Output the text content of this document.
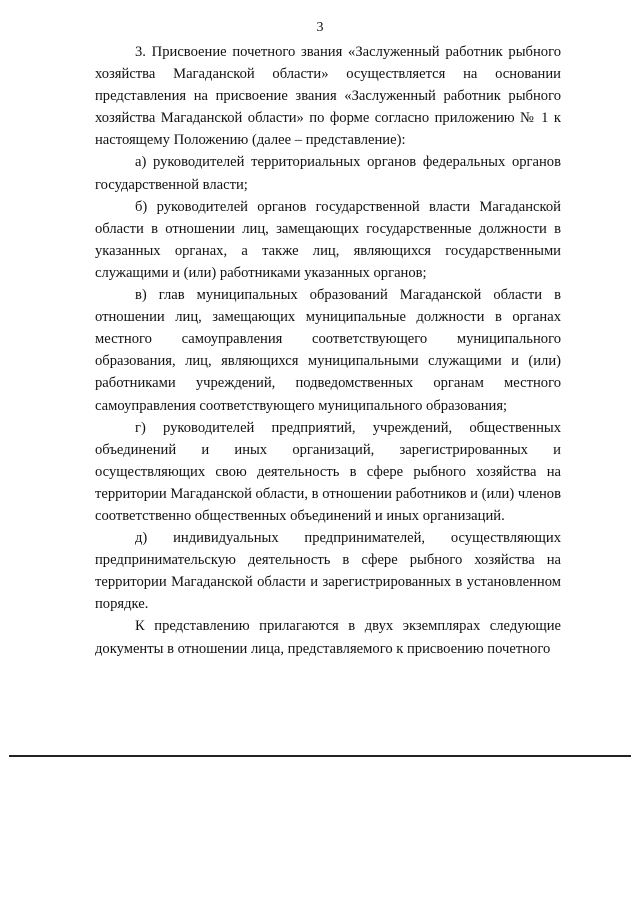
3

3. Присвоение почетного звания «Заслуженный работник рыбного хозяйства Магаданской области» осуществляется на основании представления на присвоение звания «Заслуженный работник рыбного хозяйства Магаданской области» по форме согласно приложению № 1 к настоящему Положению (далее – представление):

а) руководителей территориальных органов федеральных органов государственной власти;

б) руководителей органов государственной власти Магаданской области в отношении лиц, замещающих государственные должности в указанных органах, а также лиц, являющихся государственными служащими и (или) работниками указанных органов;

в) глав муниципальных образований Магаданской области в отношении лиц, замещающих муниципальные должности в органах местного самоуправления соответствующего муниципального образования, лиц, являющихся муниципальными служащими и (или) работниками учреждений, подведомственных органам местного самоуправления соответствующего муниципального образования;

г) руководителей предприятий, учреждений, общественных объединений и иных организаций, зарегистрированных и осуществляющих свою деятельность в сфере рыбного хозяйства на территории Магаданской области, в отношении работников и (или) членов соответственно общественных объединений и иных организаций.

д) индивидуальных предпринимателей, осуществляющих предпринимательскую деятельность в сфере рыбного хозяйства на территории Магаданской области и зарегистрированных в установленном порядке.

К представлению прилагаются в двух экземплярах следующие документы в отношении лица, представляемого к присвоению почетного
